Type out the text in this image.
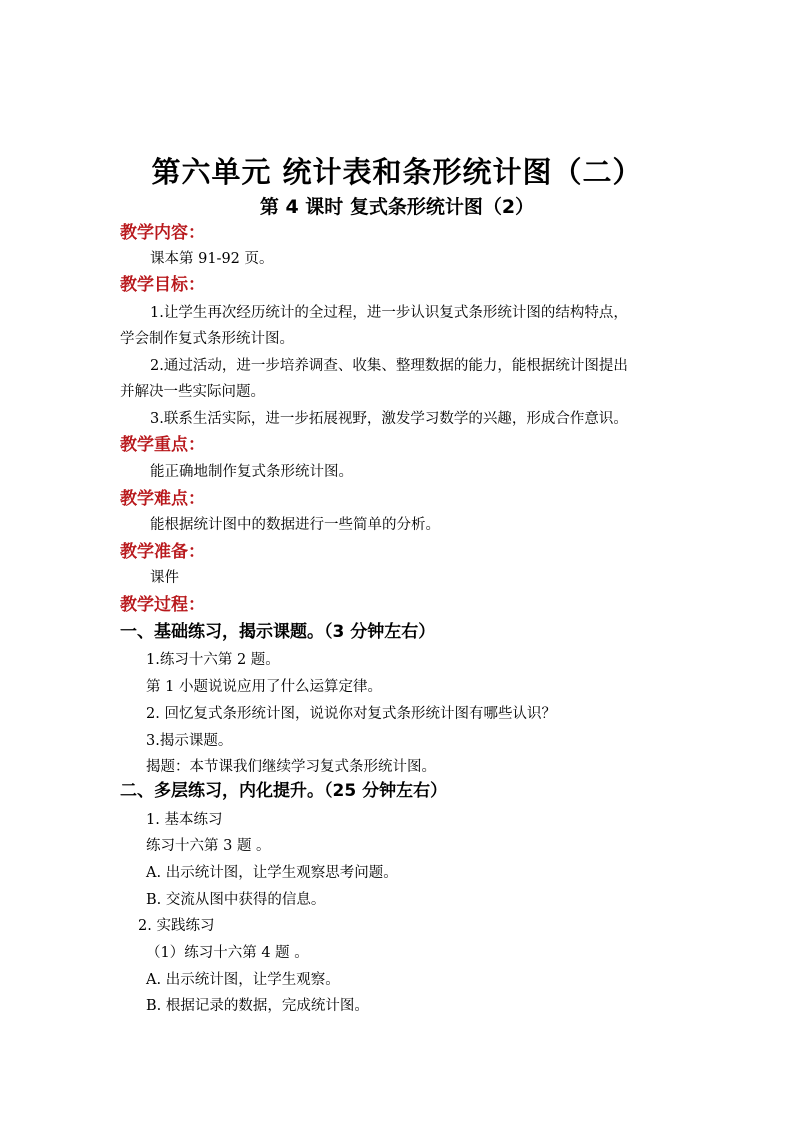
第六单元 统计表和条形统计图（二）
第 4 课时 复式条形统计图（2）
教学内容：
课本第 91-92 页。
教学目标：
1.让学生再次经历统计的全过程，进一步认识复式条形统计图的结构特点，
学会制作复式条形统计图。
2.通过活动，进一步培养调查、收集、整理数据的能力，能根据统计图提出
并解决一些实际问题。
3.联系生活实际，进一步拓展视野，激发学习数学的兴趣，形成合作意识。
教学重点：
能正确地制作复式条形统计图。
教学难点：
能根据统计图中的数据进行一些简单的分析。
教学准备：
课件
教学过程：
一、基础练习，揭示课题。（3 分钟左右）
1.练习十六第 2 题。
第 1 小题说说应用了什么运算定律。
2. 回忆复式条形统计图，说说你对复式条形统计图有哪些认识？
3.揭示课题。
揭题：本节课我们继续学习复式条形统计图。
二、多层练习，内化提升。（25 分钟左右）
1. 基本练习
练习十六第 3 题 。
A. 出示统计图，让学生观察思考问题。
B. 交流从图中获得的信息。
2. 实践练习
（1）练习十六第 4 题 。
A. 出示统计图，让学生观察。
B. 根据记录的数据，完成统计图。
